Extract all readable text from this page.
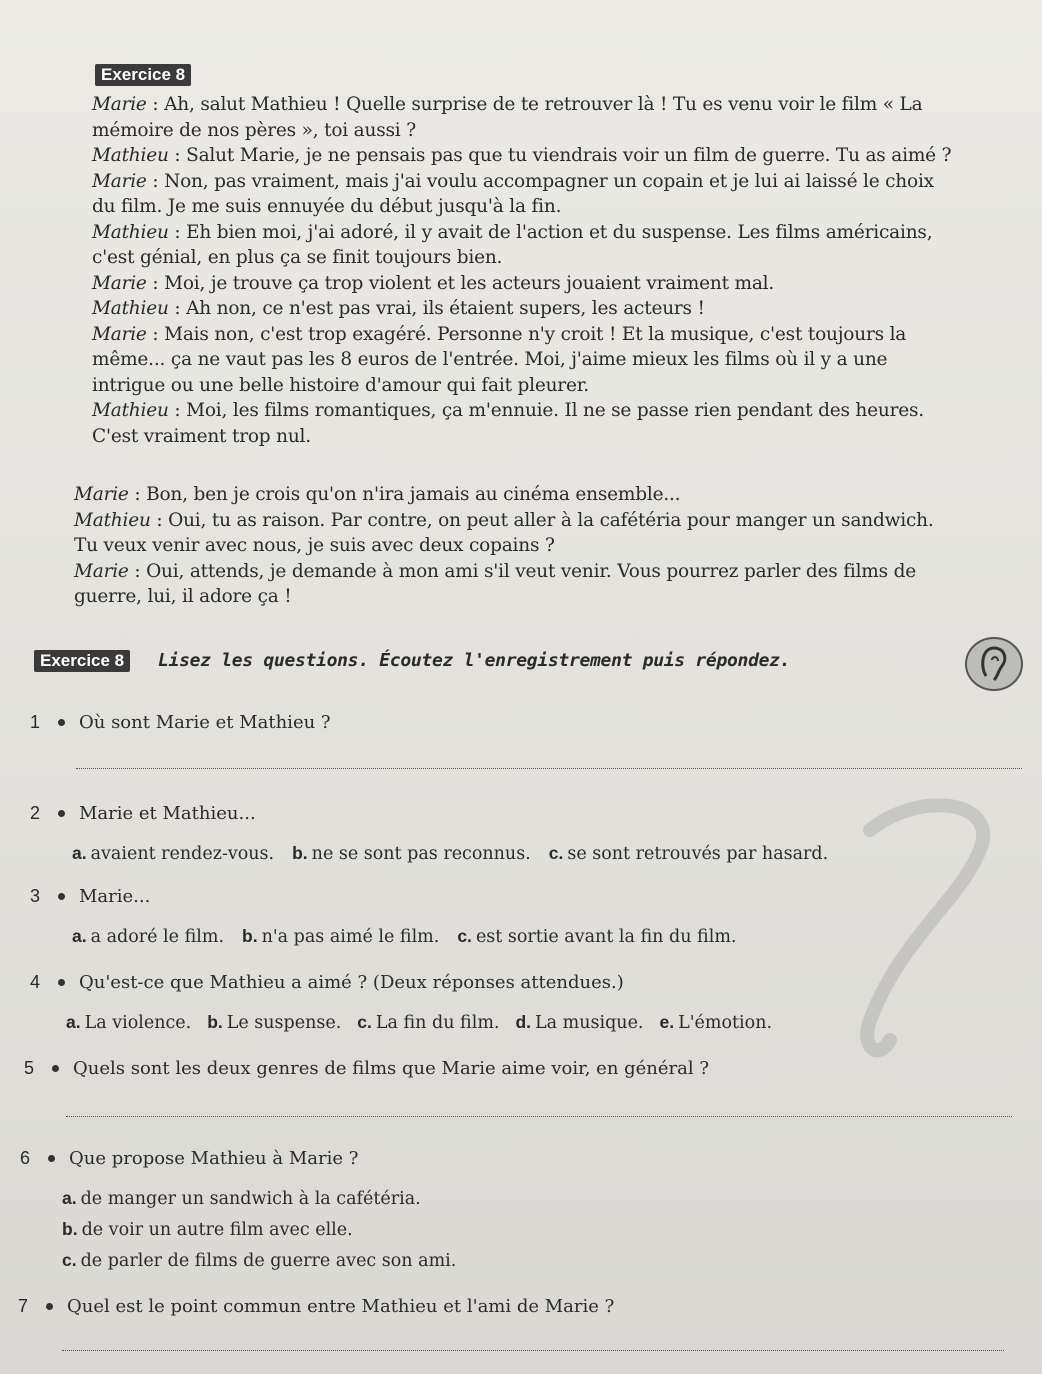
Exercice 8

Marie : Ah, salut Mathieu ! Quelle surprise de te retrouver là ! Tu es venu voir le film « La mémoire de nos pères », toi aussi ?

Mathieu : Salut Marie, je ne pensais pas que tu viendrais voir un film de guerre. Tu as aimé ?

Marie : Non, pas vraiment, mais j'ai voulu accompagner un copain et je lui ai laissé le choix du film. Je me suis ennuyée du début jusqu'à la fin.

Mathieu : Eh bien moi, j'ai adoré, il y avait de l'action et du suspense. Les films américains, c'est génial, en plus ça se finit toujours bien.

Marie : Moi, je trouve ça trop violent et les acteurs jouaient vraiment mal.

Mathieu : Ah non, ce n'est pas vrai, ils étaient supers, les acteurs !

Marie : Mais non, c'est trop exagéré. Personne n'y croit ! Et la musique, c'est toujours la même... ça ne vaut pas les 8 euros de l'entrée. Moi, j'aime mieux les films où il y a une intrigue ou une belle histoire d'amour qui fait pleurer.

Mathieu : Moi, les films romantiques, ça m'ennuie. Il ne se passe rien pendant des heures. C'est vraiment trop nul.

Marie : Bon, ben je crois qu'on n'ira jamais au cinéma ensemble...

Mathieu : Oui, tu as raison. Par contre, on peut aller à la cafétéria pour manger un sandwich. Tu veux venir avec nous, je suis avec deux copains ?

Marie : Oui, attends, je demande à mon ami s'il veut venir. Vous pourrez parler des films de guerre, lui, il adore ça !

Exercice 8	Lisez les questions. Écoutez l'enregistrement puis répondez.
1	Où sont Marie et Mathieu ?
2	Marie et Mathieu...
a. avaient rendez-vous. b. ne se sont pas reconnus. c. se sont retrouvés par hasard.
3	Marie...
a. a adoré le film. b. n'a pas aimé le film. c. est sortie avant la fin du film.
4	Qu'est-ce que Mathieu a aimé ? (Deux réponses attendues.)
a. La violence. b. Le suspense. c. La fin du film. d. La musique. e. L'émotion.
5	Quels sont les deux genres de films que Marie aime voir, en général ?
6	Que propose Mathieu à Marie ?
a. de manger un sandwich à la cafétéria.
b. de voir un autre film avec elle.
c. de parler de films de guerre avec son ami.
7	Quel est le point commun entre Mathieu et l'ami de Marie ?
